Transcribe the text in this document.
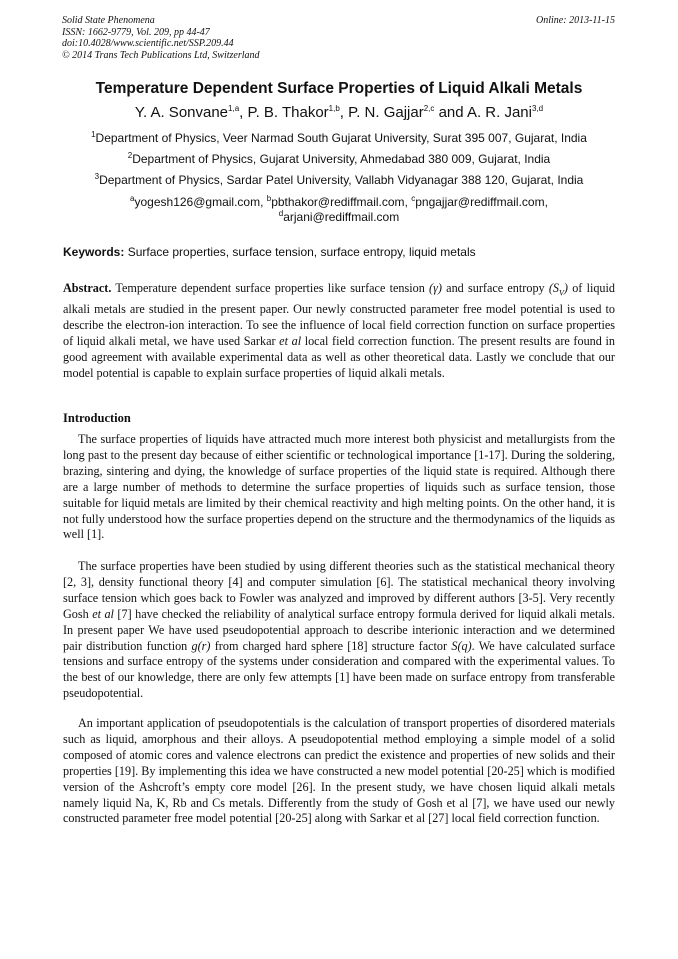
Solid State Phenomena
ISSN: 1662-9779, Vol. 209, pp 44-47
doi:10.4028/www.scientific.net/SSP.209.44
© 2014 Trans Tech Publications Ltd, Switzerland
Online: 2013-11-15
Temperature Dependent Surface Properties of Liquid Alkali Metals
Y. A. Sonvane$^{1,a}$, P. B. Thakor$^{1,b}$, P. N. Gajjar$^{2,c}$ and A. R. Jani$^{3,d}$
$^1$Department of Physics, Veer Narmad South Gujarat University, Surat 395 007, Gujarat, India
$^2$Department of Physics, Gujarat University, Ahmedabad 380 009, Gujarat, India
$^3$Department of Physics, Sardar Patel University, Vallabh Vidyanagar 388 120, Gujarat, India
$^a$yogesh126@gmail.com, $^b$pbthakor@rediffmail.com, $^c$pngajjar@rediffmail.com,
$^d$arjani@rediffmail.com
Keywords: Surface properties, surface tension, surface entropy, liquid metals
Abstract. Temperature dependent surface properties like surface tension (γ) and surface entropy $(S_V)$ of liquid alkali metals are studied in the present paper. Our newly constructed parameter free model potential is used to describe the electron-ion interaction. To see the influence of local field correction function on surface properties of liquid alkali metal, we have used Sarkar et al local field correction function. The present results are found in good agreement with available experimental data as well as other theoretical data. Lastly we conclude that our model potential is capable to explain surface properties of liquid alkali metals.
Introduction

The surface properties of liquids have attracted much more interest both physicist and metallurgists from the long past to the present day because of either scientific or technological importance [1-17]. During the soldering, brazing, sintering and dying, the knowledge of surface properties of the liquid state is required. Although there are a large number of methods to determine the surface properties of liquids such as surface tension, those suitable for liquid metals are limited by their chemical reactivity and high melting points. On the other hand, it is not fully understood how the surface properties depend on the structure and the thermodynamics of the liquids as well [1].

The surface properties have been studied by using different theories such as the statistical mechanical theory [2, 3], density functional theory [4] and computer simulation [6]. The statistical mechanical theory involving surface tension which goes back to Fowler was analyzed and improved by different authors [3-5]. Very recently Gosh et al [7] have checked the reliability of analytical surface entropy formula derived for liquid alkali metals. In present paper We have used pseudopotential approach to describe interionic interaction and we determined pair distribution function g(r) from charged hard sphere [18] structure factor S(q). We have calculated surface tensions and surface entropy of the systems under consideration and compared with the experimental values. To the best of our knowledge, there are only few attempts [1] have been made on surface entropy from transferable pseudopotential.

An important application of pseudopotentials is the calculation of transport properties of disordered materials such as liquid, amorphous and their alloys. A pseudopotential method employing a simple model of a solid composed of atomic cores and valence electrons can predict the existence and properties of new solids and their properties [19]. By implementing this idea we have constructed a new model potential [20-25] which is modified version of the Ashcroft’s empty core model [26]. In the present study, we have chosen liquid alkali metals namely liquid Na, K, Rb and Cs metals. Differently from the study of Gosh et al [7], we have used our newly constructed parameter free model potential [20-25] along with Sarkar et al [27] local field correction function.
